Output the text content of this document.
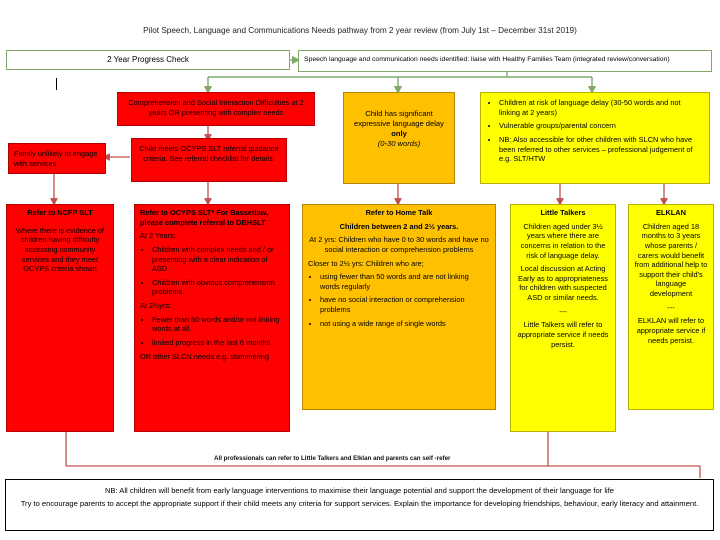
Pilot Speech, Language and Communications Needs pathway from 2 year review (from July 1st – December 31st 2019)
2 Year Progress Check	Speech language and communication needs identified: liaise with Healthy Families Team (integrated review/conversation)
Comprehension and Social Interaction Difficulties at 2 years OR presenting with complex needs	Child has significant expressive language delay
only
(0-30 words)
• Children at risk of language delay (30-50 words and not linking at 2 years)
• Vulnerable groups/parental concern
• NB: Also accessible for other children with SLCN who have been referred to other services – professional judgement of e.g. SLT/HTW
Family unlikely to engage with services
Child meets OCYPS SLT referral guidance criteria. See referral checklist for details.
Refer to NCFP SLT
Where there is evidence of children having difficulty accessing community services and they meet OCYPS criteria shown

Refer to OCYPS SLT* For Bassetlaw, please complete referral to DBHSLT

At 2 Years:

• Children with complex needs and / or presenting with a clear indication of ASD
• Children with obvious comprehension problems

At 2½yrs:

• Fewer than 50 words and/or not linking words at all.
• limited progress in the last 6 months

OR other SLCN needs e.g. stammering

Refer to Home Talk

Children between 2 and 2½ years.

At 2 yrs: Children who have 0 to 30 words and have no social interaction or comprehension problems

Closer to 2½ yrs: Children who are;

• using fewer than 50 words and are not linking words regularly
• have no social interaction or comprehension problems
• not using a wide range of single words

Little Talkers

Children aged under 3½ years where there are concerns in relation to the risk of language delay.

Local discussion at Acting Early as to appropriateness for children with suspected ASD or similar needs.

---

Little Talkers will refer to appropriate service if needs persist.

ELKLAN

Children aged 18 months to 3 years whose parents / carers would benefit from additional help to support their child's language development

---

ELKLAN will refer to appropriate service if needs persist.

All professionals can refer to Little Talkers and Elklan and parents can self -refer
NB: All children will benefit from early language interventions to maximise their language potential and support the development of their language for life
Try to encourage parents to accept the appropriate support if their child meets any criteria for support services. Explain the importance for developing friendships, behaviour, early literacy and attainment.
